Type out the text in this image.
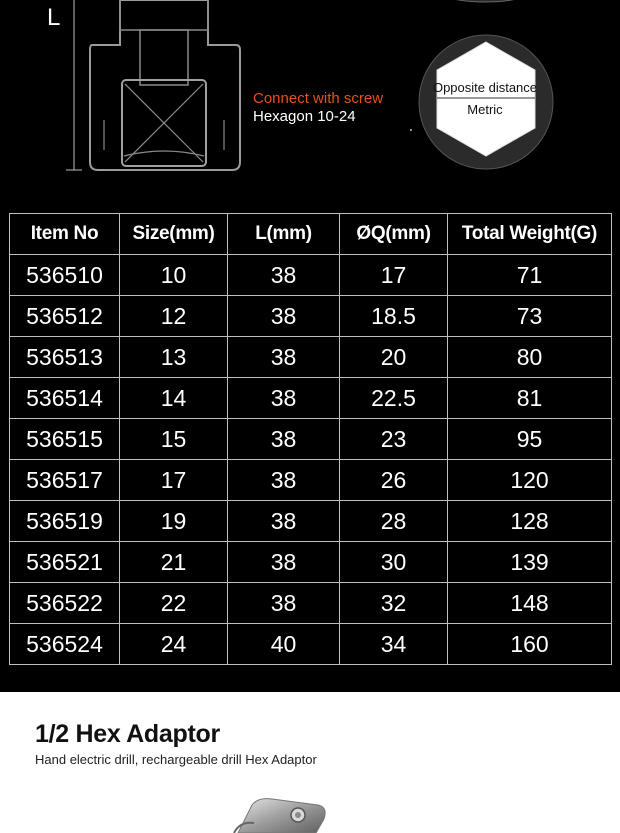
L
Connect with screw
Hexagon 10-24
Opposite distance
Metric
Item No	Size(mm)	L(mm)	ØQ(mm)	Total Weight(G)
536510	10	38	17	71
536512	12	38	18.5	73
536513	13	38	20	80
536514	14	38	22.5	81
536515	15	38	23	95
536517	17	38	26	120
536519	19	38	28	128
536521	21	38	30	139
536522	22	38	32	148
536524	24	40	34	160
1/2 Hex Adaptor
Hand electric drill, rechargeable drill Hex Adaptor
